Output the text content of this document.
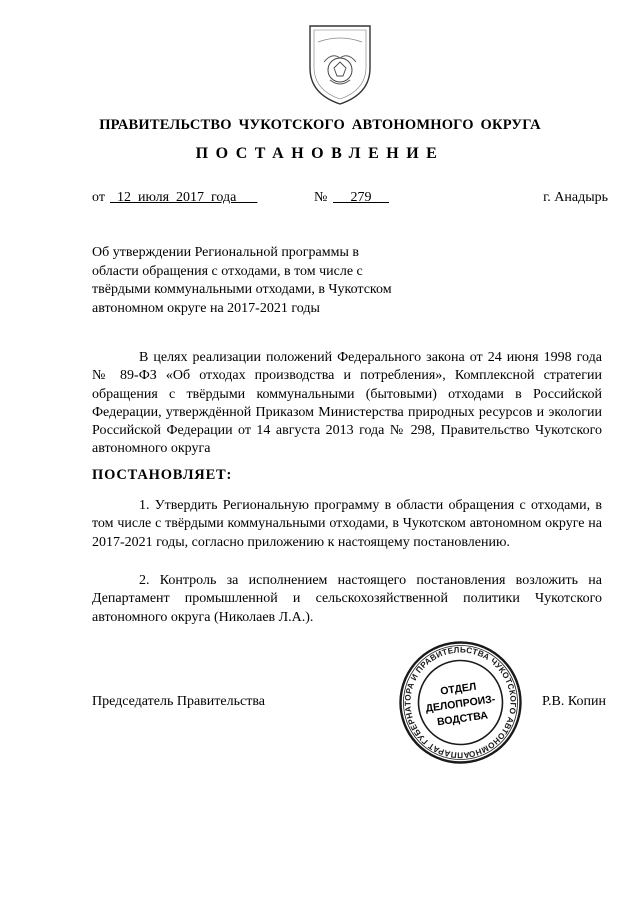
ПРАВИТЕЛЬСТВО ЧУКОТСКОГО АВТОНОМНОГО ОКРУГА
ПОСТАНОВЛЕНИЕ
от 12  июля  2017  года	№ 279	г. Анадырь
Об утверждении Региональной программы в
области обращения с отходами, в том числе с
твёрдыми коммунальными отходами, в Чукотском
автономном округе на 2017-2021 годы

В целях реализации положений Федерального закона от 24 июня 1998 года № 89-ФЗ «Об отходах производства и потребления», Комплексной стратегии обращения с твёрдыми коммунальными (бытовыми) отходами в Российской Федерации, утверждённой Приказом Министерства природных ресурсов и экологии Российской Федерации от 14 августа 2013 года № 298, Правительство Чукотского автономного округа

ПОСТАНОВЛЯЕТ:

1. Утвердить Региональную программу в области обращения с отходами, в том числе с твёрдыми коммунальными отходами, в Чукотском автономном округе на 2017-2021 годы, согласно приложению к настоящему постановлению.

2. Контроль за исполнением настоящего постановления возложить на Департамент промышленной и сельскохозяйственной политики Чукотского автономного округа (Николаев Л.А.).

Председатель Правительства	Р.В. Копин
АППАРАТ ГУБЕРНАТОРА И ПРАВИТЕЛЬСТВА ЧУКОТСКОГО АВТОНОМНОГО
ОТДЕЛ
ДЕЛОПРОИЗ-
ВОДСТВА
